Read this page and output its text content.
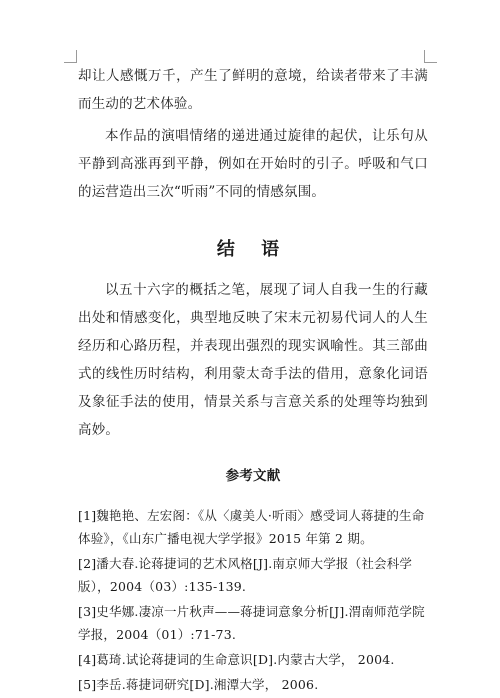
却让人感慨万千，产生了鲜明的意境，给读者带来了丰满而生动的艺术体验。

本作品的演唱情绪的递进通过旋律的起伏，让乐句从平静到高涨再到平静，例如在开始时的引子。呼吸和气口的运营造出三次“听雨”不同的情感氛围。

结 语

以五十六字的概括之笔，展现了词人自我一生的行藏出处和情感变化，典型地反映了宋末元初易代词人的人生经历和心路历程，并表现出强烈的现实讽喻性。其三部曲式的线性历时结构，利用蒙太奇手法的借用，意象化词语及象征手法的使用，情景关系与言意关系的处理等均独到高妙。

参考文献
[1]魏艳艳、左宏阁：《从〈虞美人·听雨〉感受词人蒋捷的生命体验》，《山东广播电视大学学报》2015 年第 2 期。
[2]潘大春.论蒋捷词的艺术风格[J].南京师大学报（社会科学版），2004（03）:135-139.
[3]史华娜.凄凉一片秋声——蒋捷词意象分析[J].渭南师范学院学报，2004（01）:71-73.
[4]葛琦.试论蒋捷词的生命意识[D].内蒙古大学， 2004.
[5]李岳.蒋捷词研究[D].湘潭大学， 2006.
